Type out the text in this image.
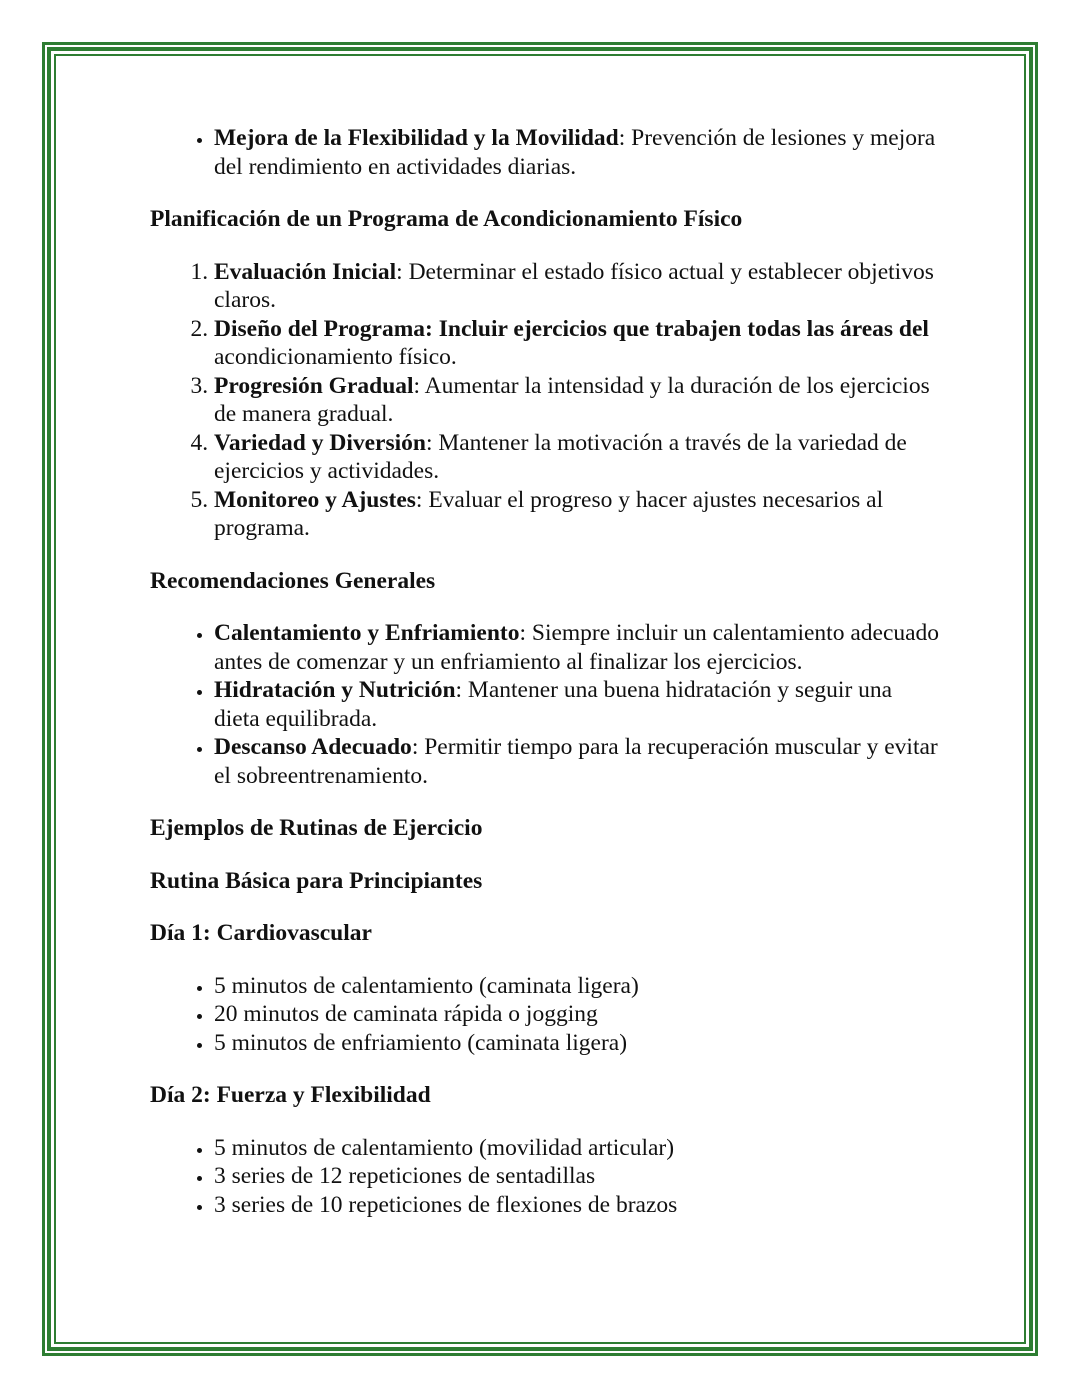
• Mejora de la Flexibilidad y la Movilidad: Prevención de lesiones y mejora del rendimiento en actividades diarias.
Planificación de un Programa de Acondicionamiento Físico
1. Evaluación Inicial: Determinar el estado físico actual y establecer objetivos claros.
2. Diseño del Programa: Incluir ejercicios que trabajen todas las áreas del acondicionamiento físico.
3. Progresión Gradual: Aumentar la intensidad y la duración de los ejercicios de manera gradual.
4. Variedad y Diversión: Mantener la motivación a través de la variedad de ejercicios y actividades.
5. Monitoreo y Ajustes: Evaluar el progreso y hacer ajustes necesarios al programa.
Recomendaciones Generales
• Calentamiento y Enfriamiento: Siempre incluir un calentamiento adecuado antes de comenzar y un enfriamiento al finalizar los ejercicios.
• Hidratación y Nutrición: Mantener una buena hidratación y seguir una dieta equilibrada.
• Descanso Adecuado: Permitir tiempo para la recuperación muscular y evitar el sobreentrenamiento.
Ejemplos de Rutinas de Ejercicio
Rutina Básica para Principiantes
Día 1: Cardiovascular
• 5 minutos de calentamiento (caminata ligera)
• 20 minutos de caminata rápida o jogging
• 5 minutos de enfriamiento (caminata ligera)
Día 2: Fuerza y Flexibilidad
• 5 minutos de calentamiento (movilidad articular)
• 3 series de 12 repeticiones de sentadillas
• 3 series de 10 repeticiones de flexiones de brazos
